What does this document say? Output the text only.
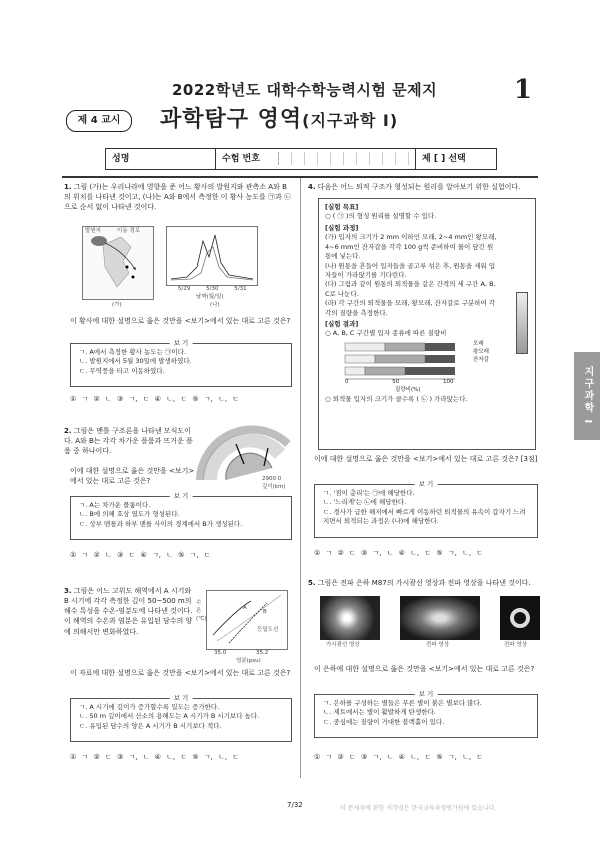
2022학년도 대학수학능력시험 문제지	1
제 4 교시	과학탐구 영역(지구과학 I)
성명	수험 번호	제 [ ] 선택
지구과학 I
1. 그림 (가)는 우리나라에 영향을 준 어느 황사의 발원지와 관측소 A와 B의 위치를 나타낸 것이고, (나)는 A와 B에서 측정한 이 황사 농도를 ㉠과 ㉡으로 순서 없이 나타낸 것이다.
발원지	이동 경로
5/29	5/30	5/31
날짜(월/일)
(가)	(나)
이 황사에 대한 설명으로 옳은 것만을 <보기>에서 있는 대로 고른 것은?
보 기
ㄱ. A에서 측정한 황사 농도는 ㉠이다.
ㄴ. 발원지에서 5월 30일에 발생하였다.
ㄷ. 무역풍을 타고 이동하였다.
① ㄱ ② ㄴ ③ ㄱ, ㄷ ④ ㄴ, ㄷ ⑤ ㄱ, ㄴ, ㄷ
2. 그림은 맨틀 구조론을 나타낸 모식도이다. A와 B는 각각 차가운 플룸과 뜨거운 플룸 중 하나이다.
2900 0
깊이(km)
이에 대한 설명으로 옳은 것만을 <보기>에서 있는 대로 고른 것은?
보 기
ㄱ. A는 차가운 플룸이다.
ㄴ. B에 의해 호상 열도가 형성된다.
ㄷ. 상부 맨틀과 하부 맨틀 사이의 경계에서 B가 생성된다.
① ㄱ ② ㄴ ③ ㄷ ④ ㄱ, ㄴ ⑤ ㄱ, ㄷ
3. 그림은 어느 고위도 해역에서 A 시기와 B 시기에 각각 측정한 깊이 50~500 m의 해수 특성을 수온-염분도에 나타낸 것이다. 이 해역의 수온과 염분은 유입된 담수의 양에 의해서만 변화하였다.
A
B
등밀도선
수온(℃)
35.0	35.2
염분(psu)
이 자료에 대한 설명으로 옳은 것만을 <보기>에서 있는 대로 고른 것은?
보 기
ㄱ. A 시기에 깊이가 증가할수록 밀도는 증가한다.
ㄴ. 50 m 깊이에서 산소의 용해도는 A 시기가 B 시기보다 높다.
ㄷ. 유입된 담수의 양은 A 시기가 B 시기보다 적다.
① ㄱ ② ㄷ ③ ㄱ, ㄴ ④ ㄴ, ㄷ ⑤ ㄱ, ㄴ, ㄷ
4. 다음은 어느 퇴적 구조가 형성되는 원리를 알아보기 위한 실험이다.
[실험 목표]
○ ( ㉠ )의 형성 원리를 설명할 수 있다.
[실험 과정]
(가) 입자의 크기가 2 mm 이하인 모래, 2~4 mm인 왕모래, 4~6 mm인 잔자갈을 각각 100 g씩 준비하여 물이 담긴 원통에 넣는다.
(나) 원통을 흔들어 입자들을 골고루 섞은 후, 원통을 세워 입자들이 가라앉기를 기다린다.
(다) 그림과 같이 원통의 퇴적물을 같은 간격의 세 구간 A, B, C로 나눈다.
(라) 각 구간의 퇴적물을 모래, 왕모래, 잔자갈로 구분하여 각각의 질량을 측정한다.
[실험 결과]
○ A, B, C 구간별 입자 종류에 따른 질량비
모래
왕모래
잔자갈
0	50	100
질량비(%)
○ 퇴적물 입자의 크기가 클수록 ( ㉡ ) 가라앉는다.
이에 대한 설명으로 옳은 것만을 <보기>에서 있는 대로 고른 것은? [3점]
보 기
ㄱ. '점이 층리'는 ㉠에 해당한다.
ㄴ. '느리게'는 ㉡에 해당한다.
ㄷ. 경사가 급한 해저에서 빠르게 이동하던 퇴적물의 유속이 갑자기 느려지면서 퇴적되는 과정은 (나)에 해당한다.
① ㄱ ② ㄷ ③ ㄱ, ㄴ ④ ㄴ, ㄷ ⑤ ㄱ, ㄴ, ㄷ
5. 그림은 전파 은하 M87의 가시광선 영상과 전파 영상을 나타낸 것이다.
가시광선 영상	전파 영상	전파 영상
이 은하에 대한 설명으로 옳은 것만을 <보기>에서 있는 대로 고른 것은?
보 기
ㄱ. 은하를 구성하는 별들은 푸른 별이 붉은 별보다 많다.
ㄴ. 제트에서는 별이 활발하게 탄생한다.
ㄷ. 중심에는 질량이 거대한 블랙홀이 있다.
① ㄱ ② ㄷ ③ ㄱ, ㄴ ④ ㄴ, ㄷ ⑤ ㄱ, ㄴ, ㄷ
7/32	이 문제지에 관한 저작권은 한국교육과정평가원에 있습니다.
